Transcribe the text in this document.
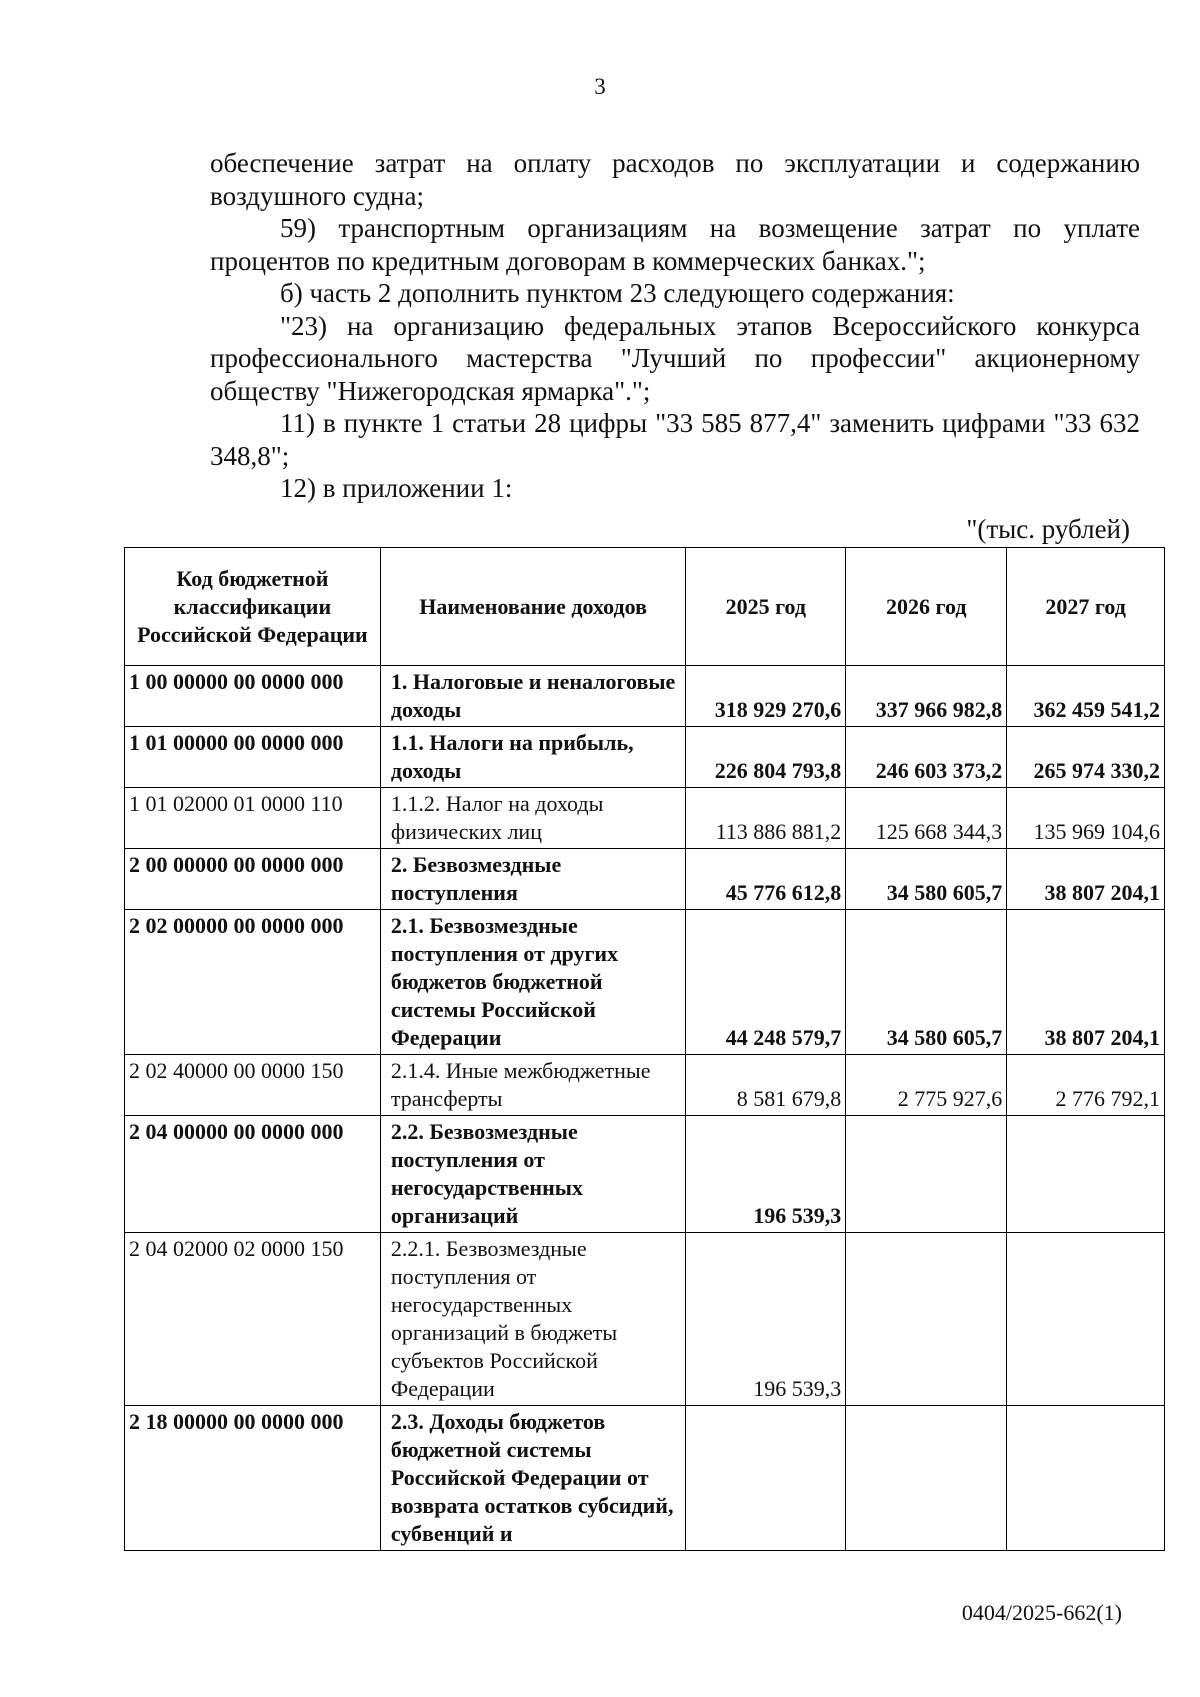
3

обеспечение затрат на оплату расходов по эксплуатации и содержанию воздушного судна;

59) транспортным организациям на возмещение затрат по уплате процентов по кредитным договорам в коммерческих банках.";

б) часть 2 дополнить пунктом 23 следующего содержания:

"23) на организацию федеральных этапов Всероссийского конкурса профессионального мастерства "Лучший по профессии" акционерному обществу "Нижегородская ярмарка".";

11) в пункте 1 статьи 28 цифры "33 585 877,4" заменить цифрами "33 632 348,8";

12) в приложении 1:

"(тыс. рублей)
Код бюджетной классификации Российской Федерации	Наименование доходов	2025 год	2026 год	2027 год
1 00 00000 00 0000 000	1. Налоговые и неналоговые доходы	318 929 270,6	337 966 982,8	362 459 541,2
1 01 00000 00 0000 000	1.1. Налоги на прибыль, доходы	226 804 793,8	246 603 373,2	265 974 330,2
1 01 02000 01 0000 110	1.1.2. Налог на доходы физических лиц	113 886 881,2	125 668 344,3	135 969 104,6
2 00 00000 00 0000 000	2. Безвозмездные поступления	45 776 612,8	34 580 605,7	38 807 204,1
2 02 00000 00 0000 000	2.1. Безвозмездные поступления от других бюджетов бюджетной системы Российской Федерации	44 248 579,7	34 580 605,7	38 807 204,1
2 02 40000 00 0000 150	2.1.4. Иные межбюджетные трансферты	8 581 679,8	2 775 927,6	2 776 792,1
2 04 00000 00 0000 000	2.2. Безвозмездные поступления от негосударственных организаций	196 539,3		
2 04 02000 02 0000 150	2.2.1. Безвозмездные поступления от негосударственных организаций в бюджеты субъектов Российской Федерации	196 539,3		
2 18 00000 00 0000 000	2.3. Доходы бюджетов бюджетной системы Российской Федерации от возврата остатков субсидий, субвенций и			
0404/2025-662(1)
